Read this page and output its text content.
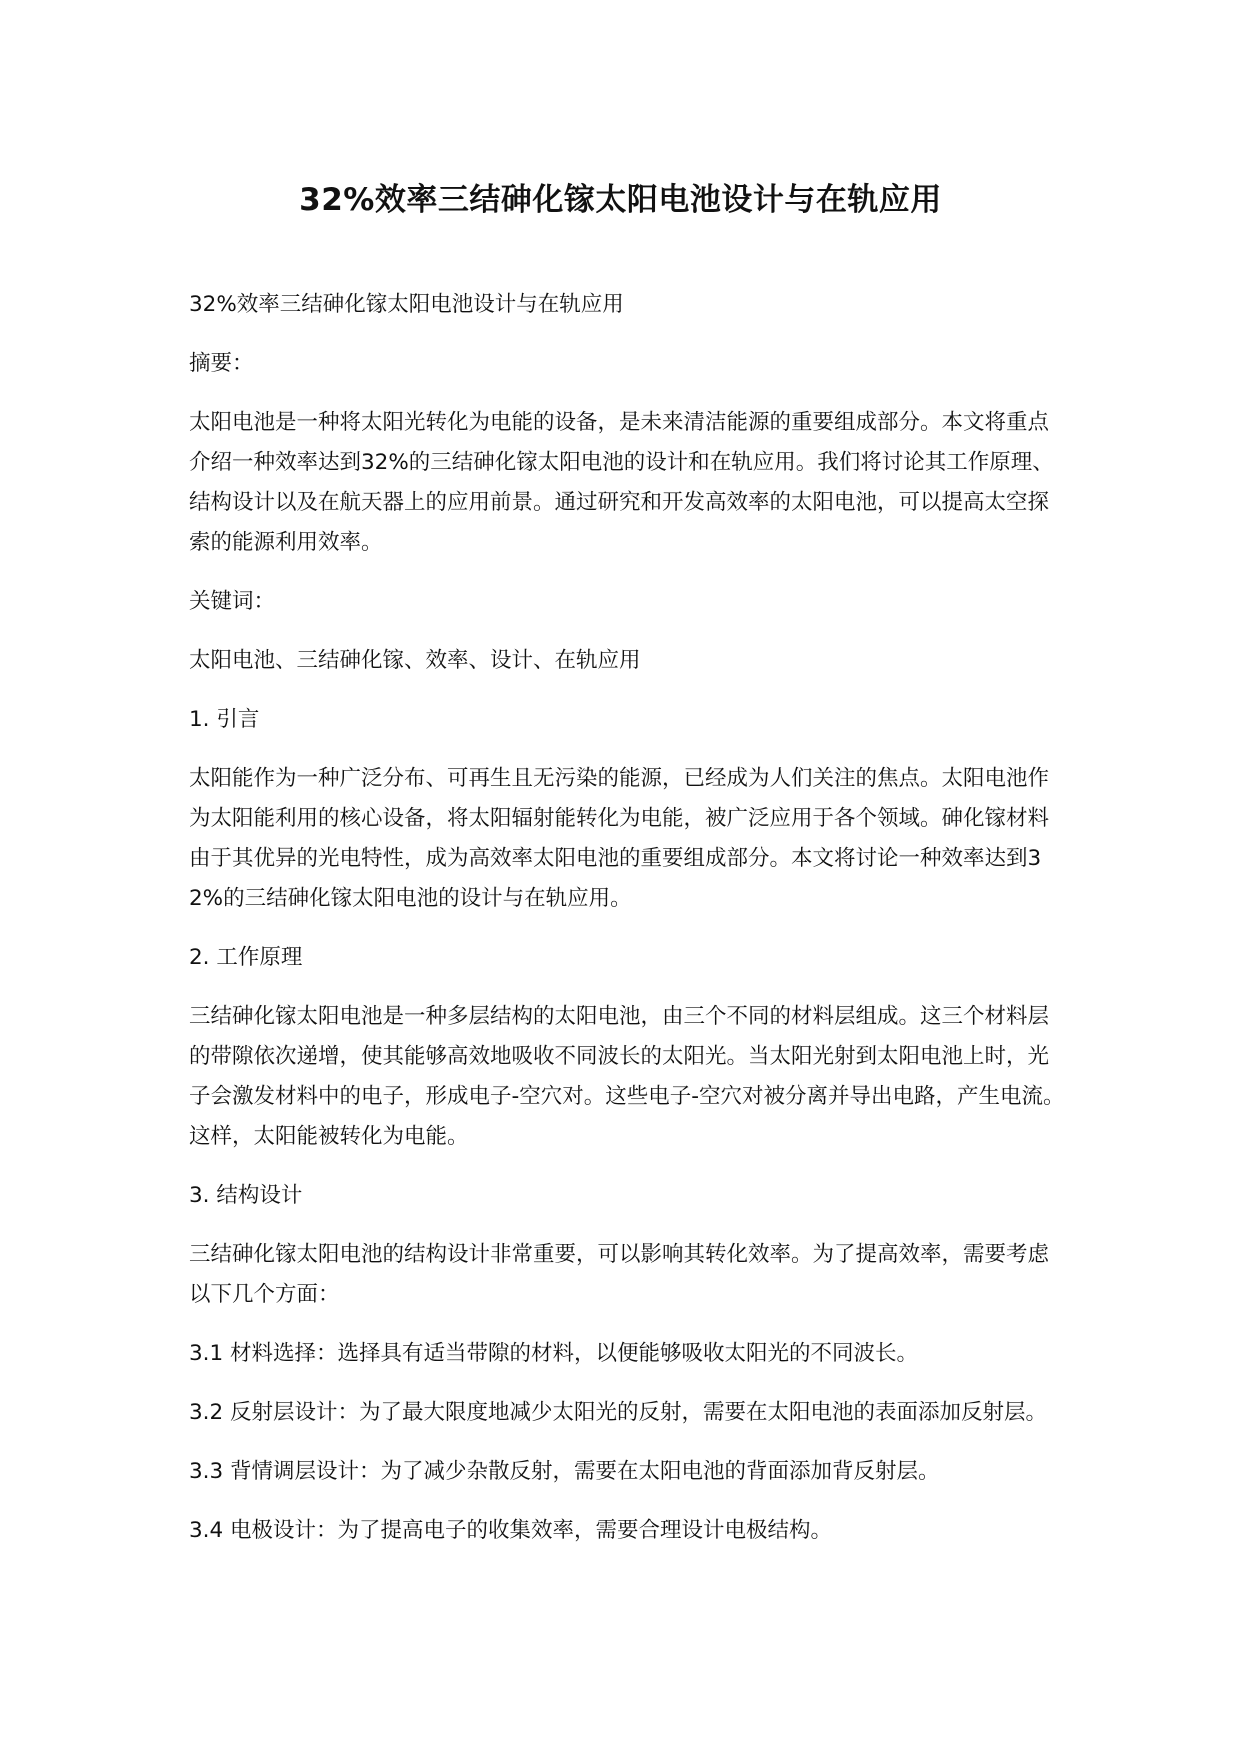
32%效率三结砷化镓太阳电池设计与在轨应用

32%效率三结砷化镓太阳电池设计与在轨应用

摘要：

太阳电池是一种将太阳光转化为电能的设备，是未来清洁能源的重要组成部分。本文将重点介绍一种效率达到32%的三结砷化镓太阳电池的设计和在轨应用。我们将讨论其工作原理、结构设计以及在航天器上的应用前景。通过研究和开发高效率的太阳电池，可以提高太空探索的能源利用效率。

关键词：

太阳电池、三结砷化镓、效率、设计、在轨应用

1. 引言

太阳能作为一种广泛分布、可再生且无污染的能源，已经成为人们关注的焦点。太阳电池作为太阳能利用的核心设备，将太阳辐射能转化为电能，被广泛应用于各个领域。砷化镓材料由于其优异的光电特性，成为高效率太阳电池的重要组成部分。本文将讨论一种效率达到32%的三结砷化镓太阳电池的设计与在轨应用。

2. 工作原理

三结砷化镓太阳电池是一种多层结构的太阳电池，由三个不同的材料层组成。这三个材料层的带隙依次递增，使其能够高效地吸收不同波长的太阳光。当太阳光射到太阳电池上时，光子会激发材料中的电子，形成电子-空穴对。这些电子-空穴对被分离并导出电路，产生电流。这样，太阳能被转化为电能。

3. 结构设计

三结砷化镓太阳电池的结构设计非常重要，可以影响其转化效率。为了提高效率，需要考虑以下几个方面：

3.1 材料选择：选择具有适当带隙的材料，以便能够吸收太阳光的不同波长。

3.2 反射层设计：为了最大限度地减少太阳光的反射，需要在太阳电池的表面添加反射层。

3.3 背情调层设计：为了减少杂散反射，需要在太阳电池的背面添加背反射层。

3.4 电极设计：为了提高电子的收集效率，需要合理设计电极结构。
